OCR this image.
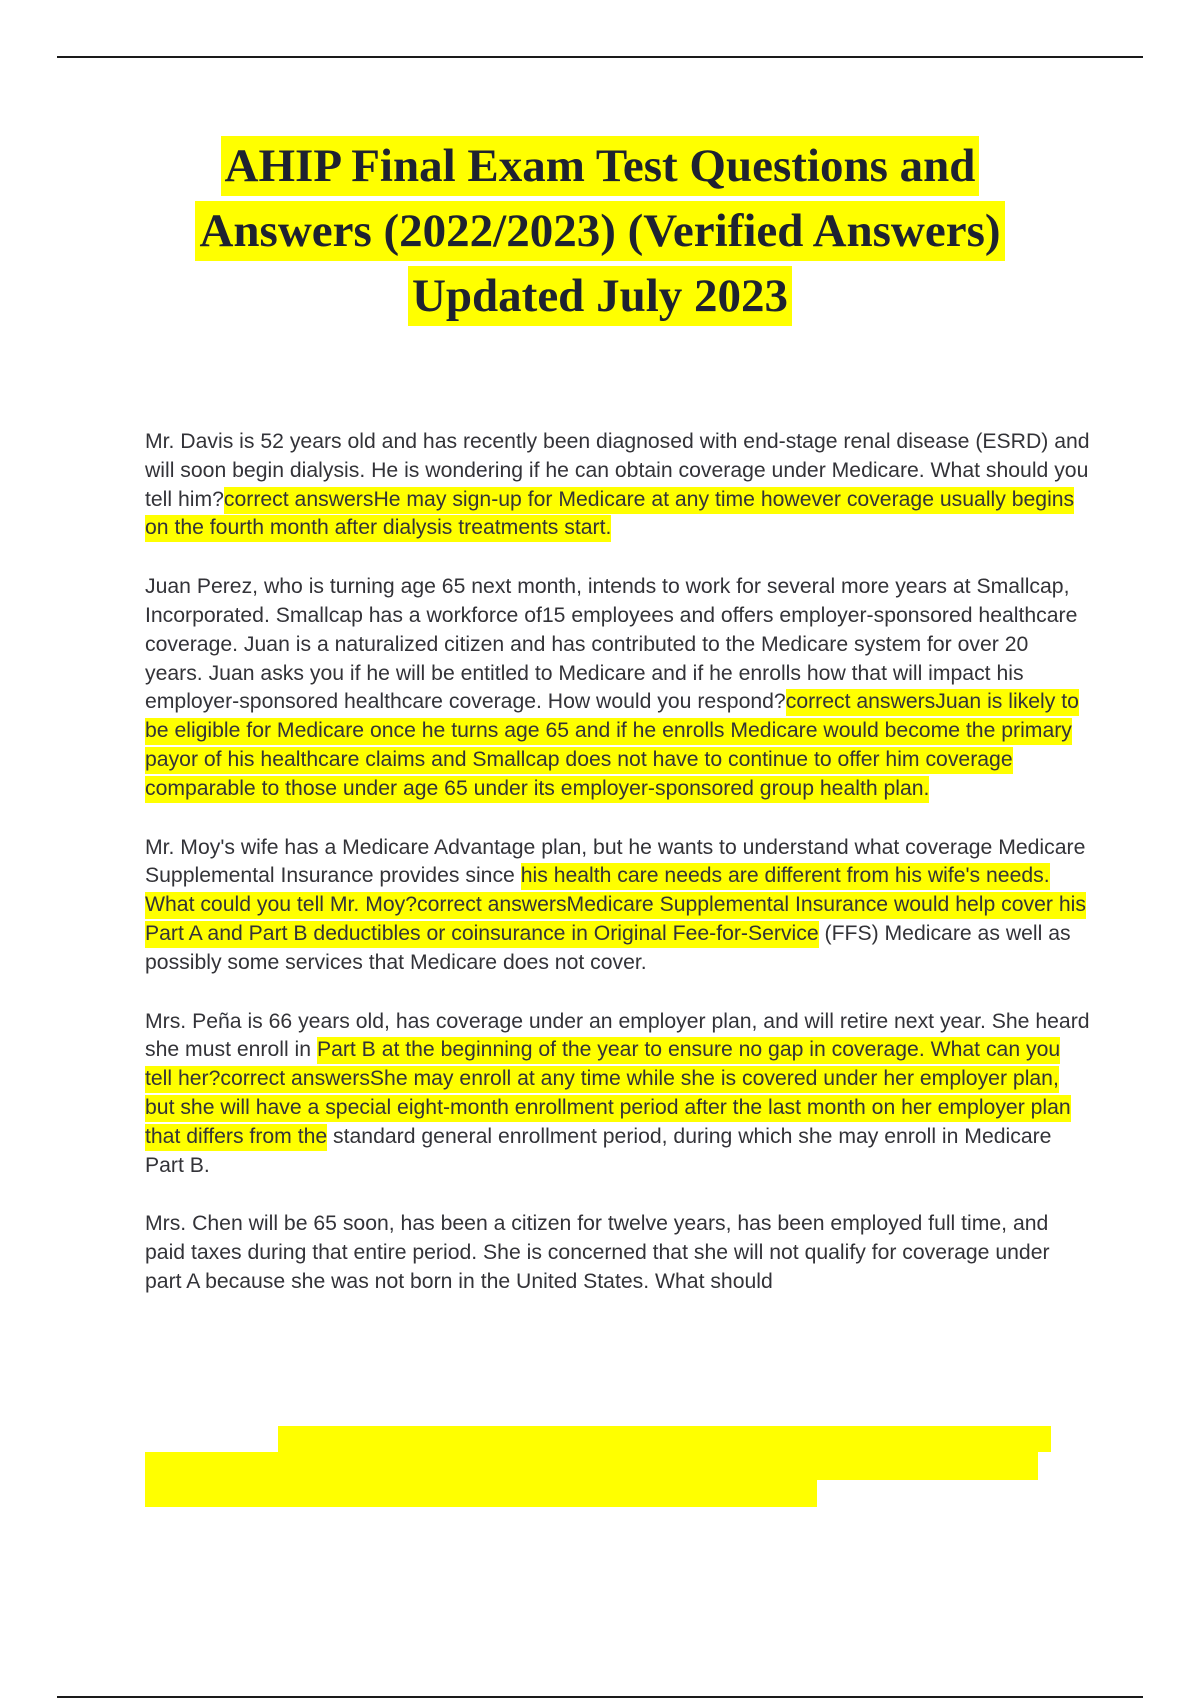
AHIP Final Exam Test Questions and
Answers (2022/2023) (Verified Answers)
Updated July 2023

Mr. Davis is 52 years old and has recently been diagnosed with end-stage renal disease (ESRD) and will soon begin dialysis. He is wondering if he can obtain coverage under Medicare. What should you tell him?correct answersHe may sign-up for Medicare at any time however coverage usually begins on the fourth month after dialysis treatments start.

Juan Perez, who is turning age 65 next month, intends to work for several more years at Smallcap, Incorporated. Smallcap has a workforce of15 employees and offers employer-sponsored healthcare coverage. Juan is a naturalized citizen and has contributed to the Medicare system for over 20 years. Juan asks you if he will be entitled to Medicare and if he enrolls how that will impact his employer-sponsored healthcare coverage. How would you respond?correct answersJuan is likely to be eligible for Medicare once he turns age 65 and if he enrolls Medicare would become the primary payor of his healthcare claims and Smallcap does not have to continue to offer him coverage comparable to those under age 65 under its employer-sponsored group health plan.

Mr. Moy's wife has a Medicare Advantage plan, but he wants to understand what coverage Medicare Supplemental Insurance provides since his health care needs are different from his wife's needs. What could you tell Mr. Moy?correct answersMedicare Supplemental Insurance would help cover his Part A and Part B deductibles or coinsurance in Original Fee-for-Service (FFS) Medicare as well as possibly some services that Medicare does not cover.

Mrs. Peña is 66 years old, has coverage under an employer plan, and will retire next year. She heard she must enroll in Part B at the beginning of the year to ensure no gap in coverage. What can you tell her?correct answersShe may enroll at any time while she is covered under her employer plan, but she will have a special eight-month enrollment period after the last month on her employer plan that differs from the standard general enrollment period, during which she may enroll in Medicare Part B.

Mrs. Chen will be 65 soon, has been a citizen for twelve years, has been employed full time, and paid taxes during that entire period. She is concerned that she will not qualify for coverage under part A because she was not born in the United States. What should
